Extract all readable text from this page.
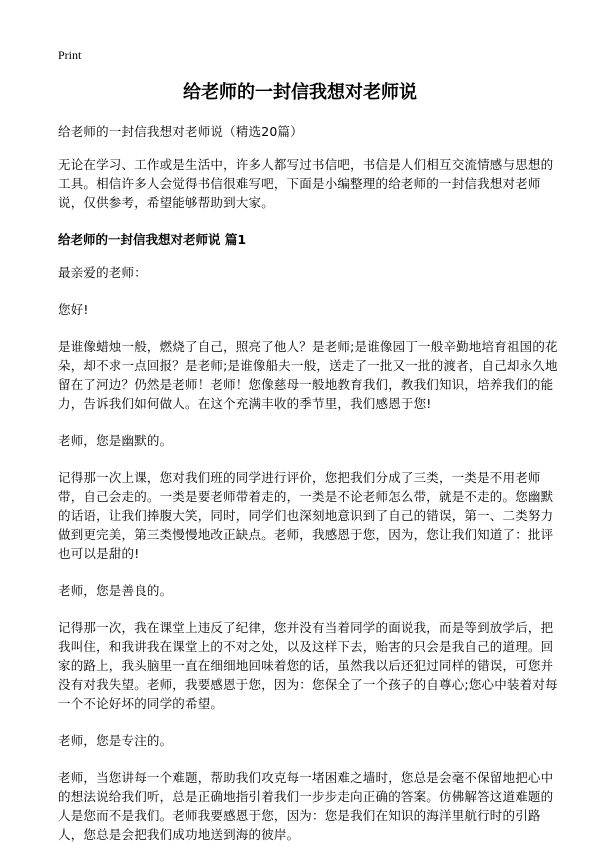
Print
给老师的一封信我想对老师说

给老师的一封信我想对老师说（精选20篇）

无论在学习、工作或是生活中，许多人都写过书信吧，书信是人们相互交流情感与思想的工具。相信许多人会觉得书信很难写吧，下面是小编整理的给老师的一封信我想对老师说，仅供参考，希望能够帮助到大家。

给老师的一封信我想对老师说 篇1

最亲爱的老师：

您好!

是谁像蜡烛一般，燃烧了自己，照亮了他人？是老师;是谁像园丁一般辛勤地培育祖国的花朵，却不求一点回报？是老师;是谁像船夫一般，送走了一批又一批的渡者，自己却永久地留在了河边？仍然是老师！老师！您像慈母一般地教育我们，教我们知识，培养我们的能力，告诉我们如何做人。在这个充满丰收的季节里，我们感恩于您!

老师，您是幽默的。

记得那一次上课，您对我们班的同学进行评价，您把我们分成了三类，一类是不用老师带，自己会走的。一类是要老师带着走的，一类是不论老师怎么带，就是不走的。您幽默的话语，让我们捧腹大笑，同时，同学们也深刻地意识到了自己的错误，第一、二类努力做到更完美，第三类慢慢地改正缺点。老师，我感恩于您，因为，您让我们知道了：批评也可以是甜的!

老师，您是善良的。

记得那一次，我在课堂上违反了纪律，您并没有当着同学的面说我，而是等到放学后，把我叫住，和我讲我在课堂上的不对之处，以及这样下去，贻害的只会是我自己的道理。回家的路上，我头脑里一直在细细地回味着您的话，虽然我以后还犯过同样的错误，可您并没有对我失望。老师，我要感恩于您，因为：您保全了一个孩子的自尊心;您心中装着对每一个不论好坏的同学的希望。

老师，您是专注的。

老师，当您讲每一个难题，帮助我们攻克每一堵困难之墙时，您总是会毫不保留地把心中的想法说给我们听，总是正确地指引着我们一步步走向正确的答案。仿佛解答这道难题的人是您而不是我们。老师我要感恩于您，因为：您是我们在知识的海洋里航行时的引路人，您总是会把我们成功地送到海的彼岸。
